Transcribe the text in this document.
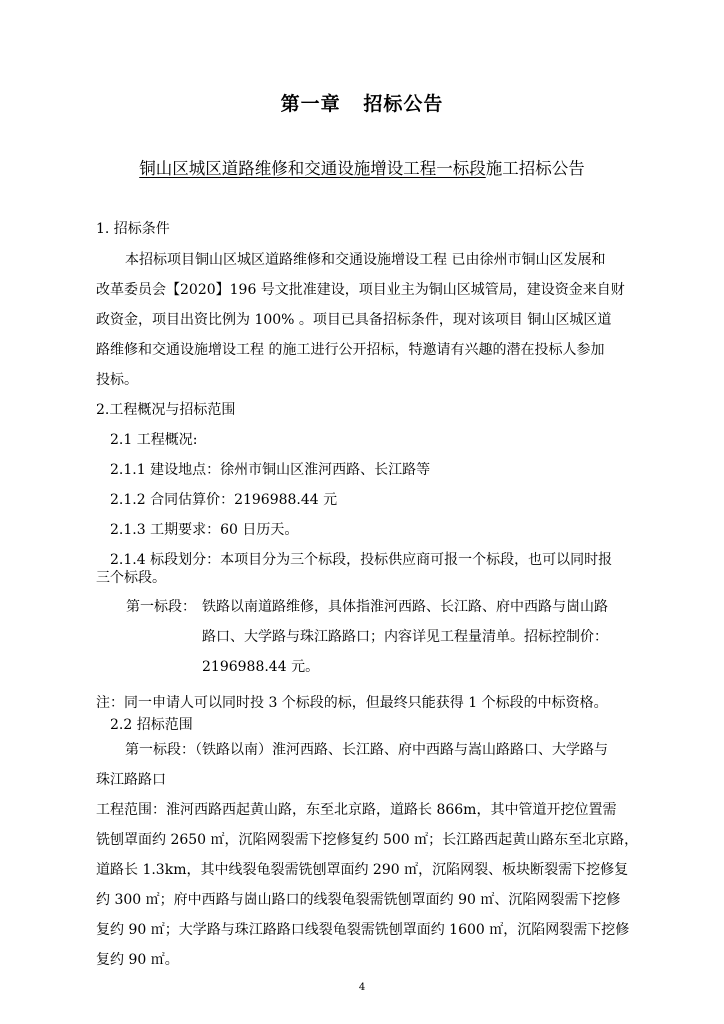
第一章   招标公告
铜山区城区道路维修和交通设施增设工程一标段施工招标公告
1. 招标条件
本招标项目铜山区城区道路维修和交通设施增设工程 已由徐州市铜山区发展和
改革委员会【2020】196 号文批准建设，项目业主为铜山区城管局，建设资金来自财
政资金，项目出资比例为 100% 。项目已具备招标条件，现对该项目 铜山区城区道
路维修和交通设施增设工程 的施工进行公开招标，特邀请有兴趣的潜在投标人参加
投标。
2.工程概况与招标范围
2.1 工程概况:
2.1.1 建设地点：徐州市铜山区淮河西路、长江路等
2.1.2 合同估算价：2196988.44 元
2.1.3 工期要求：60 日历天。
2.1.4 标段划分：本项目分为三个标段，投标供应商可报一个标段，也可以同时报
三个标段。
第一标段： 铁路以南道路维修，具体指淮河西路、长江路、府中西路与崮山路
路口、大学路与珠江路路口；内容详见工程量清单。招标控制价：
2196988.44 元。
注：同一申请人可以同时投 3 个标段的标，但最终只能获得 1 个标段的中标资格。
2.2 招标范围
第一标段：（铁路以南）淮河西路、长江路、府中西路与嵩山路路口、大学路与
珠江路路口
工程范围：淮河西路西起黄山路，东至北京路，道路长 866m，其中管道开挖位置需
铣刨罩面约 2650 ㎡，沉陷网裂需下挖修复约 500 ㎡；长江路西起黄山路东至北京路，
道路长 1.3km，其中线裂龟裂需铣刨罩面约 290 ㎡，沉陷网裂、板块断裂需下挖修复
约 300 ㎡；府中西路与崮山路口的线裂龟裂需铣刨罩面约 90 ㎡、沉陷网裂需下挖修
复约 90 ㎡；大学路与珠江路路口线裂龟裂需铣刨罩面约 1600 ㎡，沉陷网裂需下挖修
复约 90 ㎡。
4
